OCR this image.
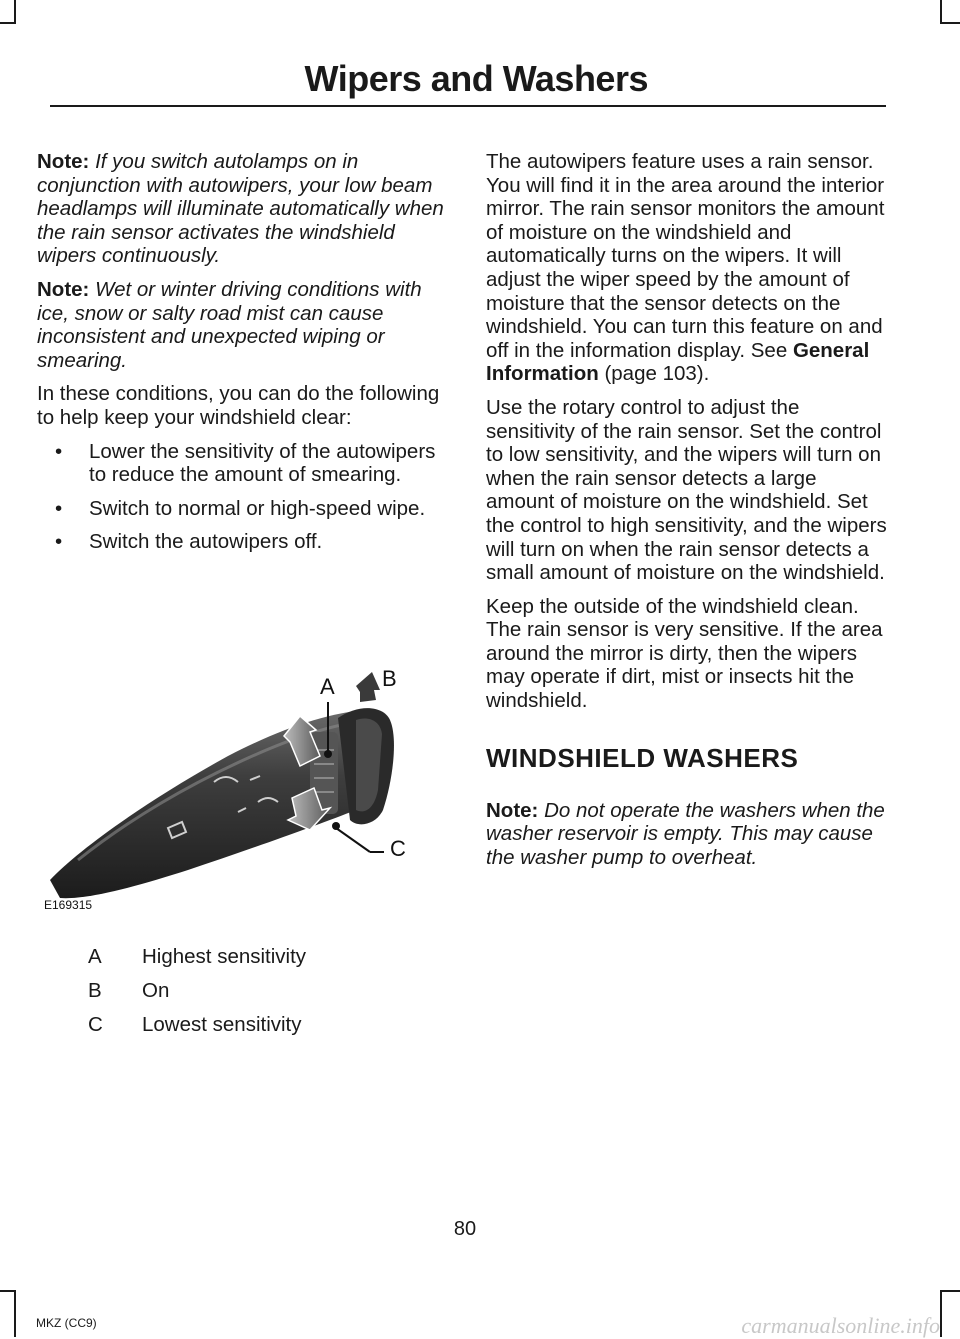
Wipers and Washers

Note: If you switch autolamps on in conjunction with autowipers, your low beam headlamps will illuminate automatically when the rain sensor activates the windshield wipers continuously.

Note: Wet or winter driving conditions with ice, snow or salty road mist can cause inconsistent and unexpected wiping or smearing.

In these conditions, you can do the following to help keep your windshield clear:

• Lower the sensitivity of the autowipers to reduce the amount of smearing.
• Switch to normal or high-speed wipe.
• Switch the autowipers off.
A B
C
E169315
A	Highest sensitivity
B	On
C	Lowest sensitivity

The autowipers feature uses a rain sensor. You will find it in the area around the interior mirror. The rain sensor monitors the amount of moisture on the windshield and automatically turns on the wipers. It will adjust the wiper speed by the amount of moisture that the sensor detects on the windshield. You can turn this feature on and off in the information display. See General Information (page 103).

Use the rotary control to adjust the sensitivity of the rain sensor. Set the control to low sensitivity, and the wipers will turn on when the rain sensor detects a large amount of moisture on the windshield. Set the control to high sensitivity, and the wipers will turn on when the rain sensor detects a small amount of moisture on the windshield.

Keep the outside of the windshield clean. The rain sensor is very sensitive. If the area around the mirror is dirty, then the wipers may operate if dirt, mist or insects hit the windshield.

WINDSHIELD WASHERS

Note: Do not operate the washers when the washer reservoir is empty. This may cause the washer pump to overheat.

80
MKZ (CC9)	carmanualsonline.info
